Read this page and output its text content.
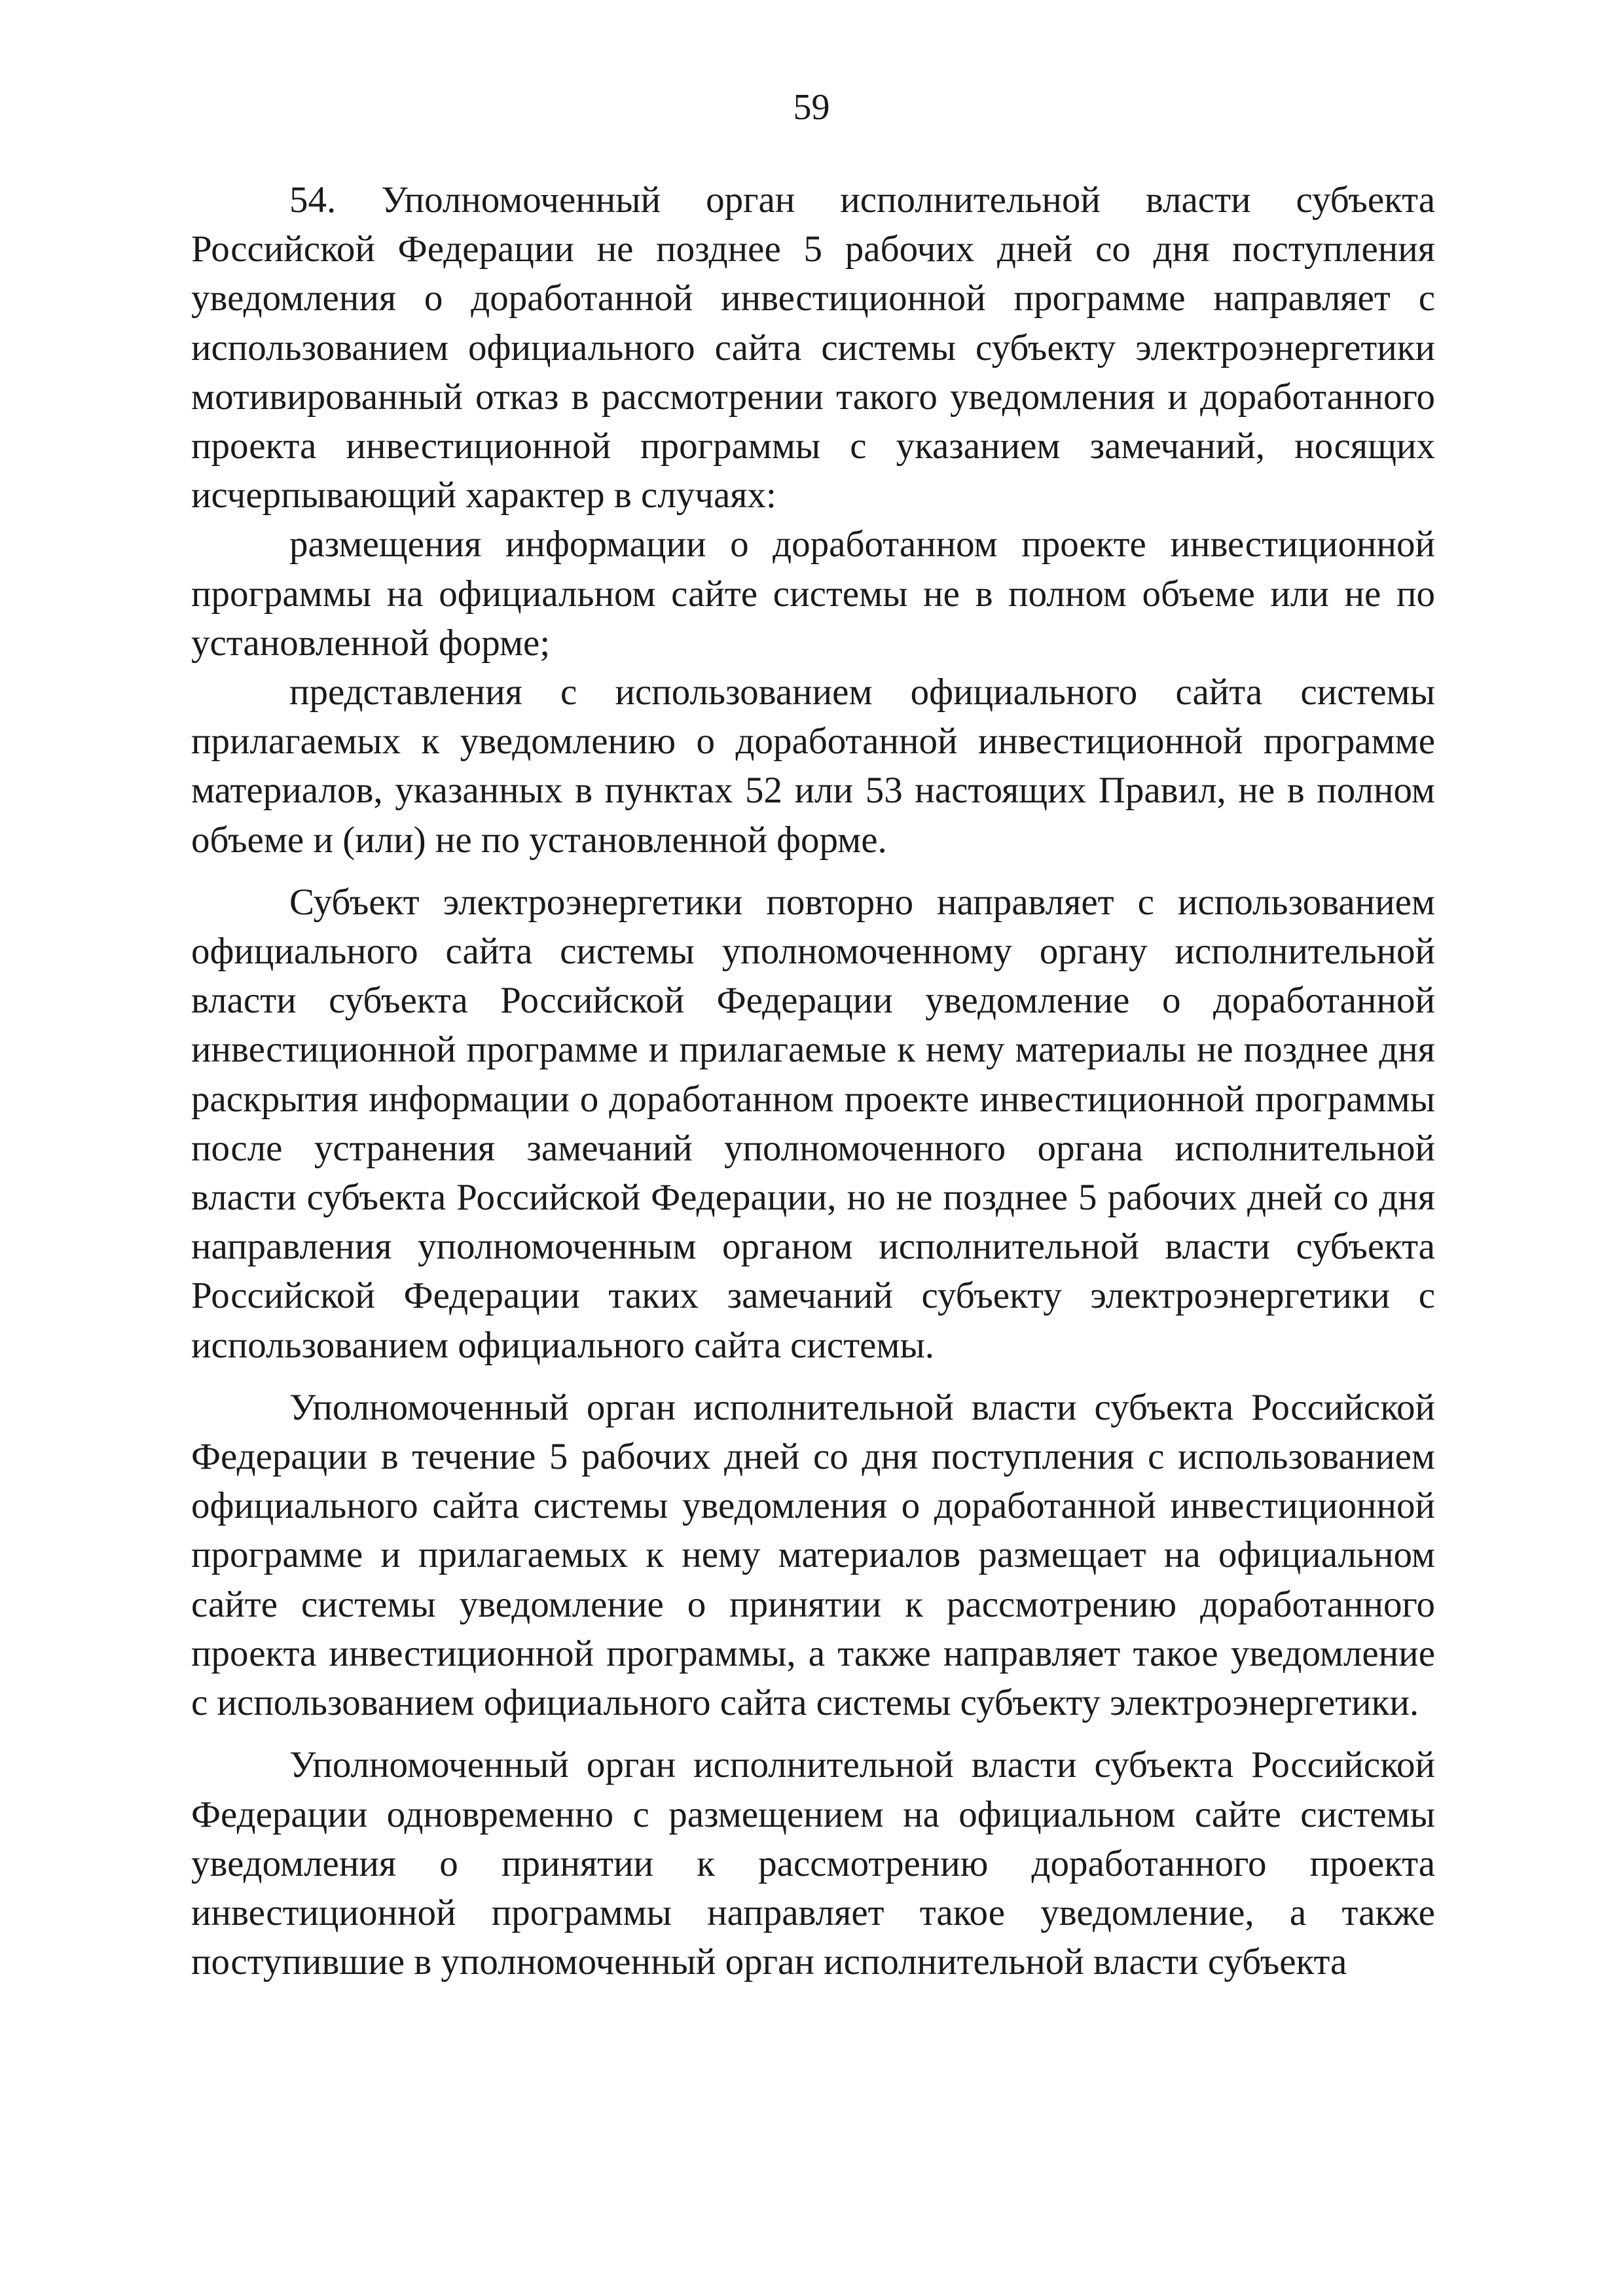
59

54. Уполномоченный орган исполнительной власти субъекта Российской Федерации не позднее 5 рабочих дней со дня поступления уведомления о доработанной инвестиционной программе направляет с использованием официального сайта системы субъекту электроэнергетики мотивированный отказ в рассмотрении такого уведомления и доработанного проекта инвестиционной программы с указанием замечаний, носящих исчерпывающий характер в случаях:

размещения информации о доработанном проекте инвестиционной программы на официальном сайте системы не в полном объеме или не по установленной форме;

представления с использованием официального сайта системы прилагаемых к уведомлению о доработанной инвестиционной программе материалов, указанных в пунктах 52 или 53 настоящих Правил, не в полном объеме и (или) не по установленной форме.

Субъект электроэнергетики повторно направляет с использованием официального сайта системы уполномоченному органу исполнительной власти субъекта Российской Федерации уведомление о доработанной инвестиционной программе и прилагаемые к нему материалы не позднее дня раскрытия информации о доработанном проекте инвестиционной программы после устранения замечаний уполномоченного органа исполнительной власти субъекта Российской Федерации, но не позднее 5 рабочих дней со дня направления уполномоченным органом исполнительной власти субъекта Российской Федерации таких замечаний субъекту электроэнергетики с использованием официального сайта системы.

Уполномоченный орган исполнительной власти субъекта Российской Федерации в течение 5 рабочих дней со дня поступления с использованием официального сайта системы уведомления о доработанной инвестиционной программе и прилагаемых к нему материалов размещает на официальном сайте системы уведомление о принятии к рассмотрению доработанного проекта инвестиционной программы, а также направляет такое уведомление с использованием официального сайта системы субъекту электроэнергетики.

Уполномоченный орган исполнительной власти субъекта Российской Федерации одновременно с размещением на официальном сайте системы уведомления о принятии к рассмотрению доработанного проекта инвестиционной программы направляет такое уведомление, а также поступившие в уполномоченный орган исполнительной власти субъекта
